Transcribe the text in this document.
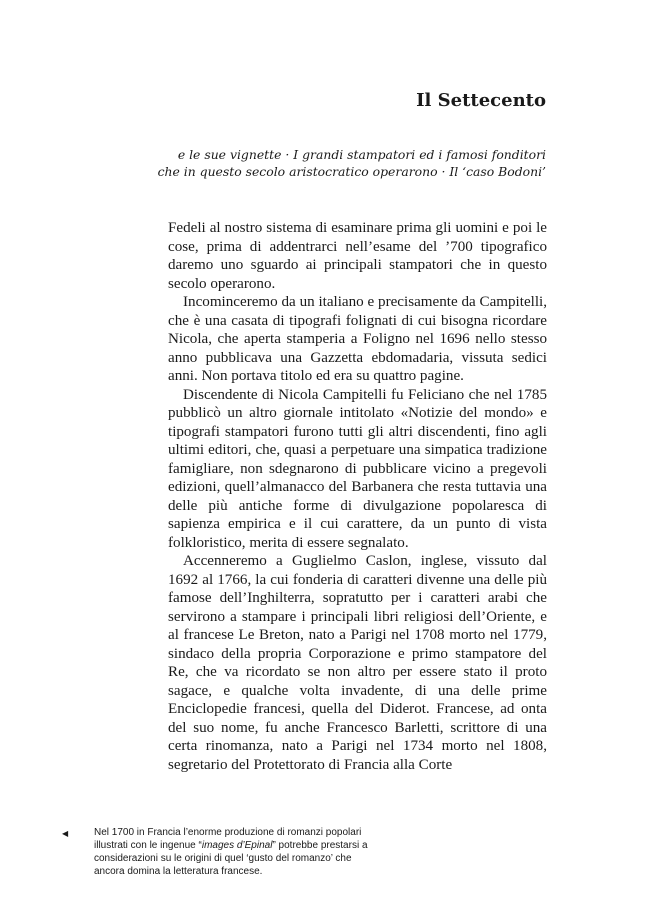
Il Settecento
e le sue vignette · I grandi stampatori ed i famosi fonditori
che in questo secolo aristocratico operarono · Il ‘caso Bodoni’

Fedeli al nostro sistema di esaminare prima gli uomini e poi le cose, prima di addentrarci nell’esame del ’700 tipografico daremo uno sguardo ai principali stampatori che in questo secolo operarono.

Incominceremo da un italiano e precisamente da Campitelli, che è una casata di tipografi folignati di cui bisogna ricordare Nicola, che aperta stamperia a Foligno nel 1696 nello stesso anno pubblicava una Gazzetta ebdomadaria, vissuta sedici anni. Non portava titolo ed era su quattro pagine.

Discendente di Nicola Campitelli fu Feliciano che nel 1785 pubblicò un altro giornale intitolato «Notizie del mondo» e tipografi stampatori furono tutti gli altri discendenti, fino agli ultimi editori, che, quasi a perpetuare una simpatica tradizione famigliare, non sdegnarono di pubblicare vicino a pregevoli edizioni, quell’almanacco del Barbanera che resta tuttavia una delle più antiche forme di divulgazione popolaresca di sapienza empirica e il cui carattere, da un punto di vista folkloristico, merita di essere segnalato.

Accenneremo a Guglielmo Caslon, inglese, vissuto dal 1692 al 1766, la cui fonderia di caratteri divenne una delle più famose dell’Inghilterra, sopratutto per i caratteri arabi che servirono a stampare i principali libri religiosi dell’Oriente, e al francese Le Breton, nato a Parigi nel 1708 morto nel 1779, sindaco della propria Corporazione e primo stampatore del Re, che va ricordato se non altro per essere stato il proto sagace, e qualche volta invadente, di una delle prime Enciclopedie francesi, quella del Diderot. Francese, ad onta del suo nome, fu anche Francesco Barletti, scrittore di una certa rinomanza, nato a Parigi nel 1734 morto nel 1808, segretario del Protettorato di Francia alla Corte

◀	Nel 1700 in Francia l’enorme produzione di romanzi popolari illustrati con le ingenue “images d’Epinal” potrebbe prestarsi a considerazioni su le origini di quel ‘gusto del romanzo’ che ancora domina la letteratura francese.
